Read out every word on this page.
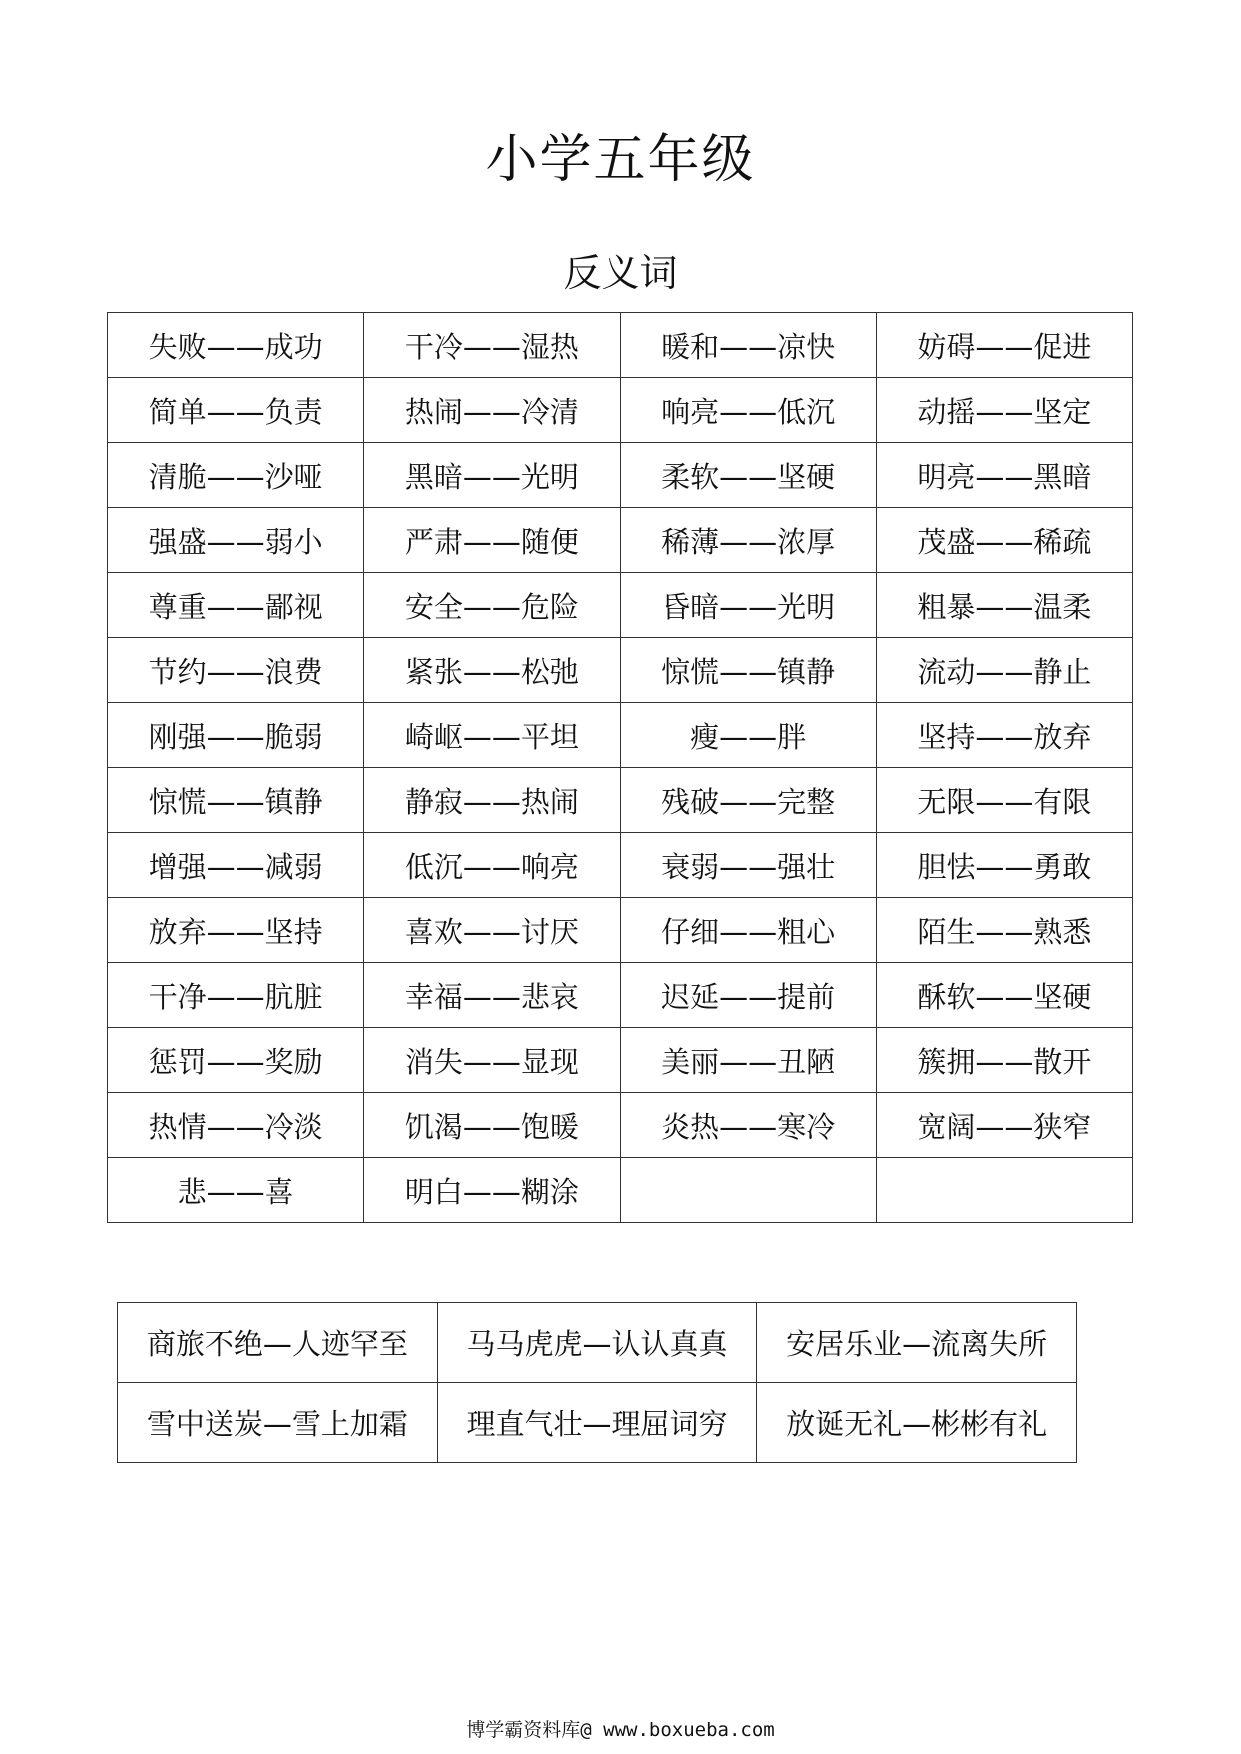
小学五年级
反义词
失败——成功	干冷——湿热	暖和——凉快	妨碍——促进
简单——负责	热闹——冷清	响亮——低沉	动摇——坚定
清脆——沙哑	黑暗——光明	柔软——坚硬	明亮——黑暗
强盛——弱小	严肃——随便	稀薄——浓厚	茂盛——稀疏
尊重——鄙视	安全——危险	昏暗——光明	粗暴——温柔
节约——浪费	紧张——松弛	惊慌——镇静	流动——静止
刚强——脆弱	崎岖——平坦	瘦——胖	坚持——放弃
惊慌——镇静	静寂——热闹	残破——完整	无限——有限
增强——减弱	低沉——响亮	衰弱——强壮	胆怯——勇敢
放弃——坚持	喜欢——讨厌	仔细——粗心	陌生——熟悉
干净——肮脏	幸福——悲哀	迟延——提前	酥软——坚硬
惩罚——奖励	消失——显现	美丽——丑陋	簇拥——散开
热情——冷淡	饥渴——饱暖	炎热——寒冷	宽阔——狭窄
悲——喜	明白——糊涂		
商旅不绝—人迹罕至	马马虎虎—认认真真	安居乐业—流离失所
雪中送炭—雪上加霜	理直气壮—理屈词穷	放诞无礼—彬彬有礼
博学霸资料库@ www.boxueba.com
